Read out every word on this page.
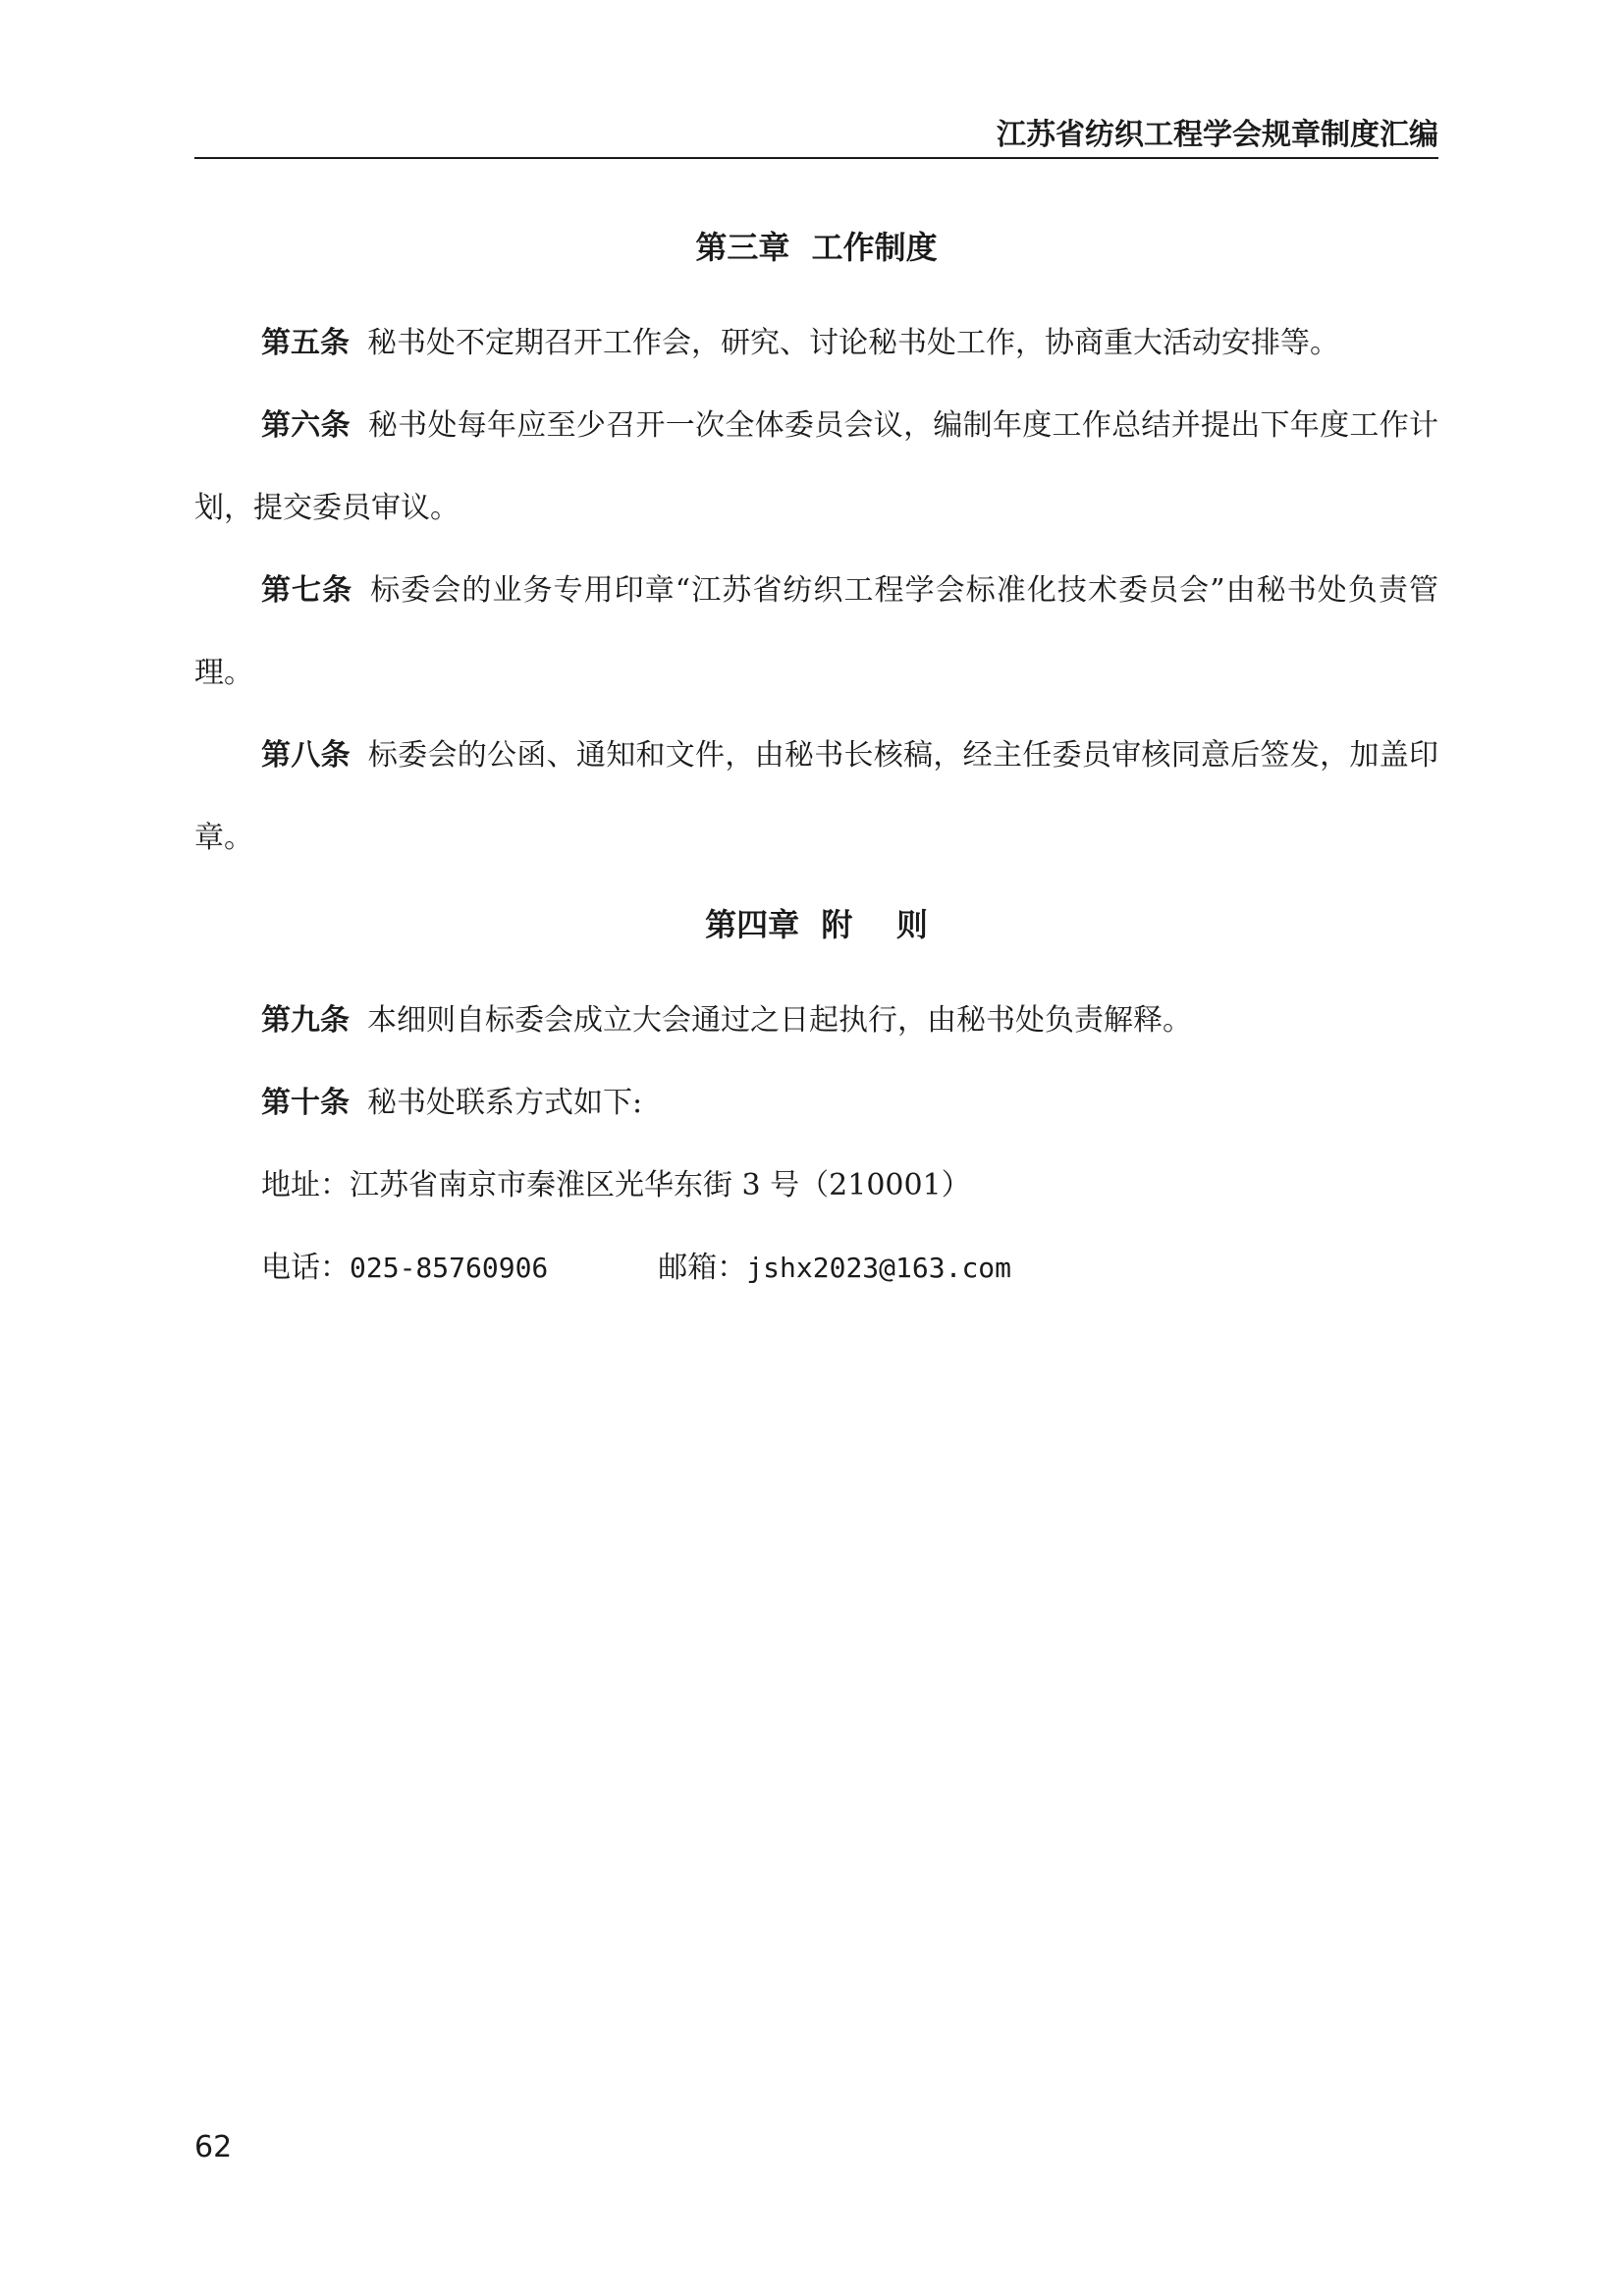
江苏省纺织工程学会规章制度汇编
第三章  工作制度

第五条 秘书处不定期召开工作会，研究、讨论秘书处工作，协商重大活动安排等。

第六条 秘书处每年应至少召开一次全体委员会议，编制年度工作总结并提出下年度工作计划，提交委员审议。

第七条 标委会的业务专用印章“江苏省纺织工程学会标准化技术委员会”由秘书处负责管理。

第八条 标委会的公函、通知和文件，由秘书长核稿，经主任委员审核同意后签发，加盖印章。

第四章  附    则

第九条 本细则自标委会成立大会通过之日起执行，由秘书处负责解释。

第十条 秘书处联系方式如下:

地址：江苏省南京市秦淮区光华东街 3 号（210001）

电话：025-85760906	邮箱：jshx2023@163.com

62
